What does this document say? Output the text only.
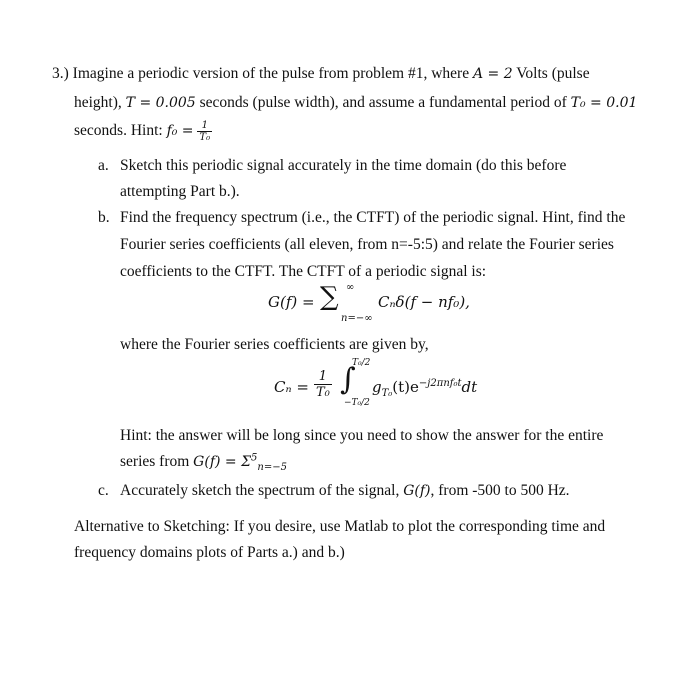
3.) Imagine a periodic version of the pulse from problem #1, where A = 2 Volts (pulse
height), T = 0.005 seconds (pulse width), and assume a fundamental period of T₀ = 0.01
seconds. Hint: $f_0 = \frac{1}{\text{T₀}}$
a. Sketch this periodic signal accurately in the time domain (do this before
attempting Part b.).
b. Find the frequency spectrum (i.e., the CTFT) of the periodic signal. Hint, find the
Fourier series coefficients (all eleven, from n=-5:5) and relate the Fourier series
coefficients to the CTFT. The CTFT of a periodic signal is:
G(f) = ∑ ∞
n=−∞
Cₙδ(f − nf₀),
where the Fourier series coefficients are given by,
$C_n = \frac{1}{\text{T₀}}$ ∫
T₀/2
−T₀/2
$g_{T_0}(t)e^{-j2\pi nf_0t}dt$
Hint: the answer will be long since you need to show the answer for the entire
series from $G(f) = \Sigma^5_{n=-5}$
c. Accurately sketch the spectrum of the signal, G(f), from -500 to 500 Hz.
Alternative to Sketching: If you desire, use Matlab to plot the corresponding time and
frequency domains plots of Parts a.) and b.)
